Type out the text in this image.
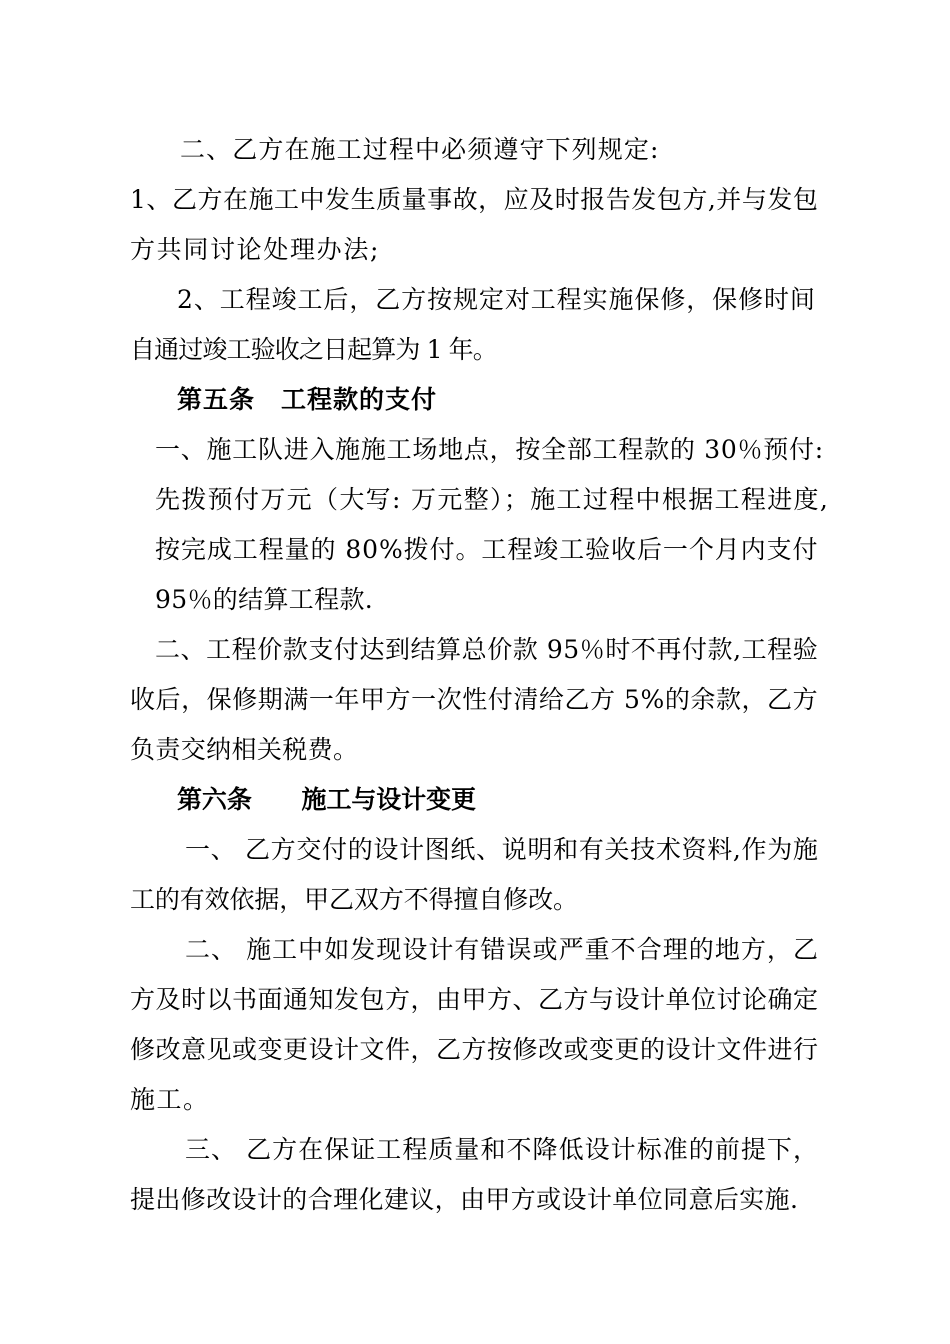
二、乙方在施工过程中必须遵守下列规定:
1、乙方在施工中发生质量事故，应及时报告发包方,并与发包
方共同讨论处理办法;
2、工程竣工后，乙方按规定对工程实施保修，保修时间
自通过竣工验收之日起算为 1 年。
第五条　工程款的支付
一、施工队进入施施工场地点，按全部工程款的 30％预付:
先拨预付万元（大写: 万元整）；施工过程中根据工程进度,
按完成工程量的 80%拨付。工程竣工验收后一个月内支付
95％的结算工程款.
二、工程价款支付达到结算总价款 95％时不再付款,工程验
收后，保修期满一年甲方一次性付清给乙方 5%的余款，乙方
负责交纳相关税费。
第六条　　施工与设计变更
一、 乙方交付的设计图纸、说明和有关技术资料,作为施
工的有效依据，甲乙双方不得擅自修改。
二、 施工中如发现设计有错误或严重不合理的地方，乙
方及时以书面通知发包方，由甲方、乙方与设计单位讨论确定
修改意见或变更设计文件，乙方按修改或变更的设计文件进行
施工。
三、 乙方在保证工程质量和不降低设计标准的前提下，
提出修改设计的合理化建议，由甲方或设计单位同意后实施.
